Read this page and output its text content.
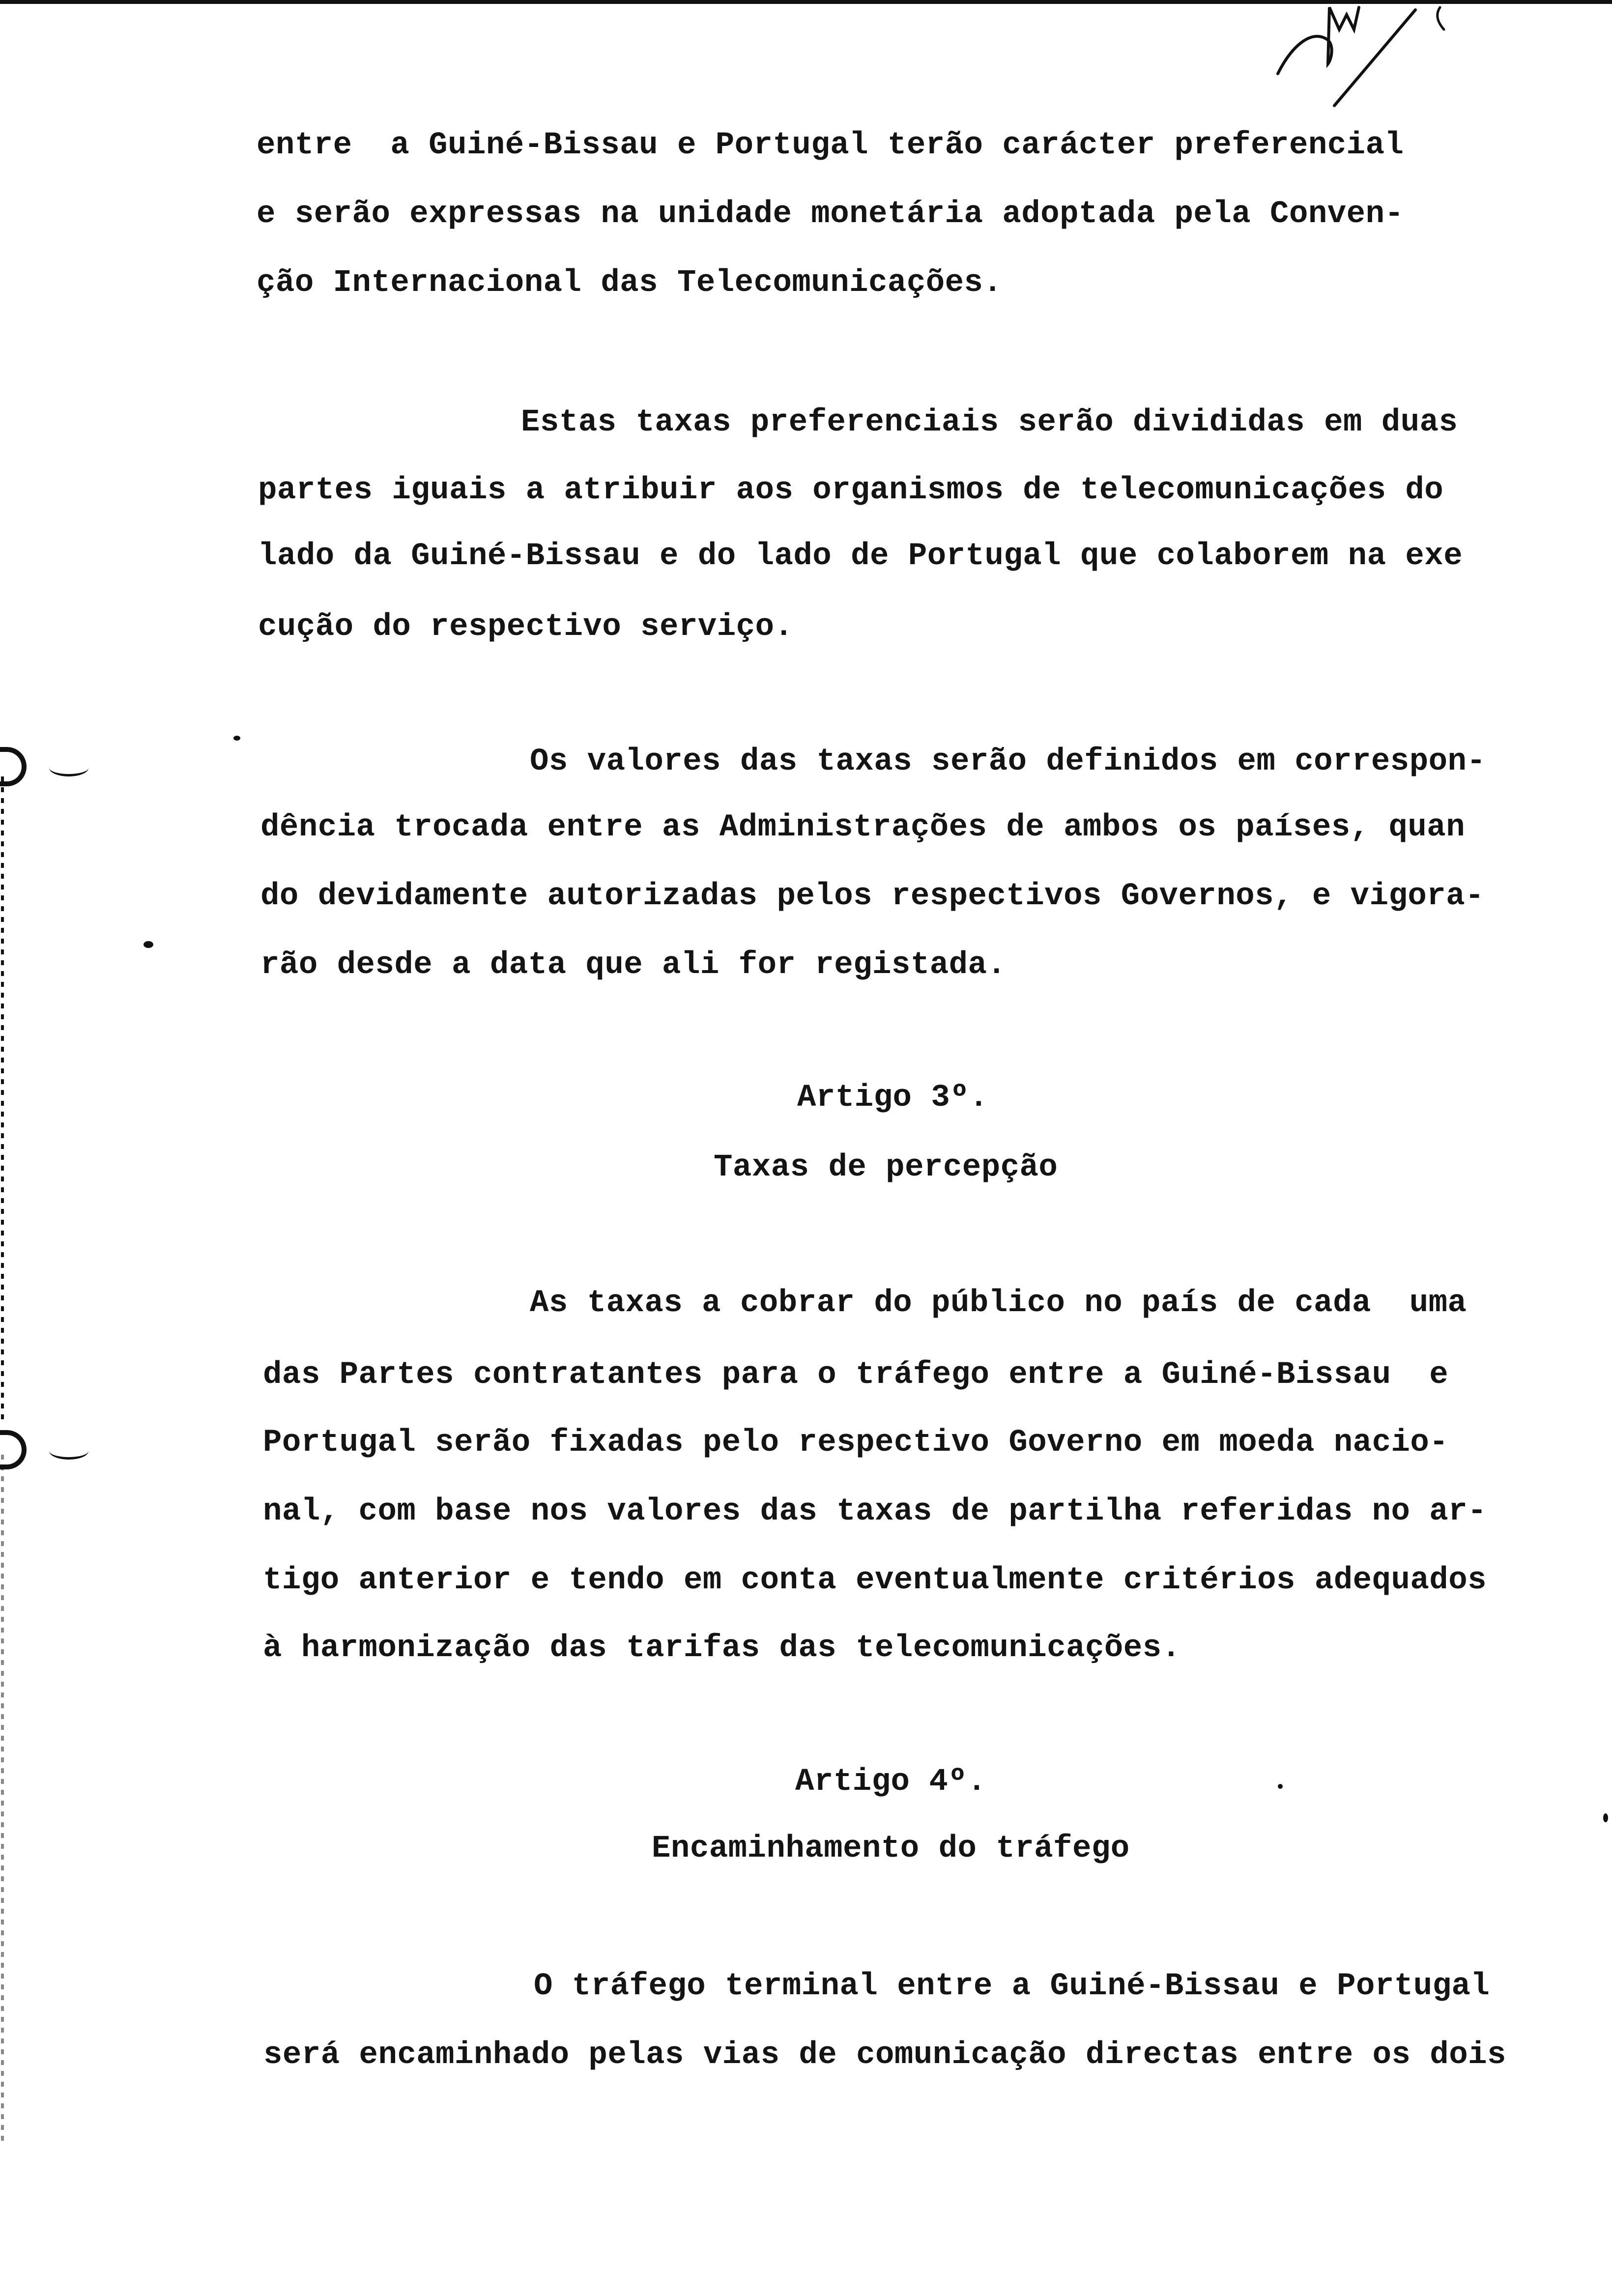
entre  a Guiné-Bissau e Portugal terão carácter preferencial
e serão expressas na unidade monetária adoptada pela Conven-
ção Internacional das Telecomunicações.
Estas taxas preferenciais serão divididas em duas
partes iguais a atribuir aos organismos de telecomunicações do
lado da Guiné-Bissau e do lado de Portugal que colaborem na exe
cução do respectivo serviço.
Os valores das taxas serão definidos em correspon-
dência trocada entre as Administrações de ambos os países, quan
do devidamente autorizadas pelos respectivos Governos, e vigora-
rão desde a data que ali for registada.
Artigo 3º.
Taxas de percepção
As taxas a cobrar do público no país de cada  uma
das Partes contratantes para o tráfego entre a Guiné-Bissau  e
Portugal serão fixadas pelo respectivo Governo em moeda nacio-
nal, com base nos valores das taxas de partilha referidas no ar-
tigo anterior e tendo em conta eventualmente critérios adequados
à harmonização das tarifas das telecomunicações.
Artigo 4º.
Encaminhamento do tráfego
O tráfego terminal entre a Guiné-Bissau e Portugal
será encaminhado pelas vias de comunicação directas entre os dois
